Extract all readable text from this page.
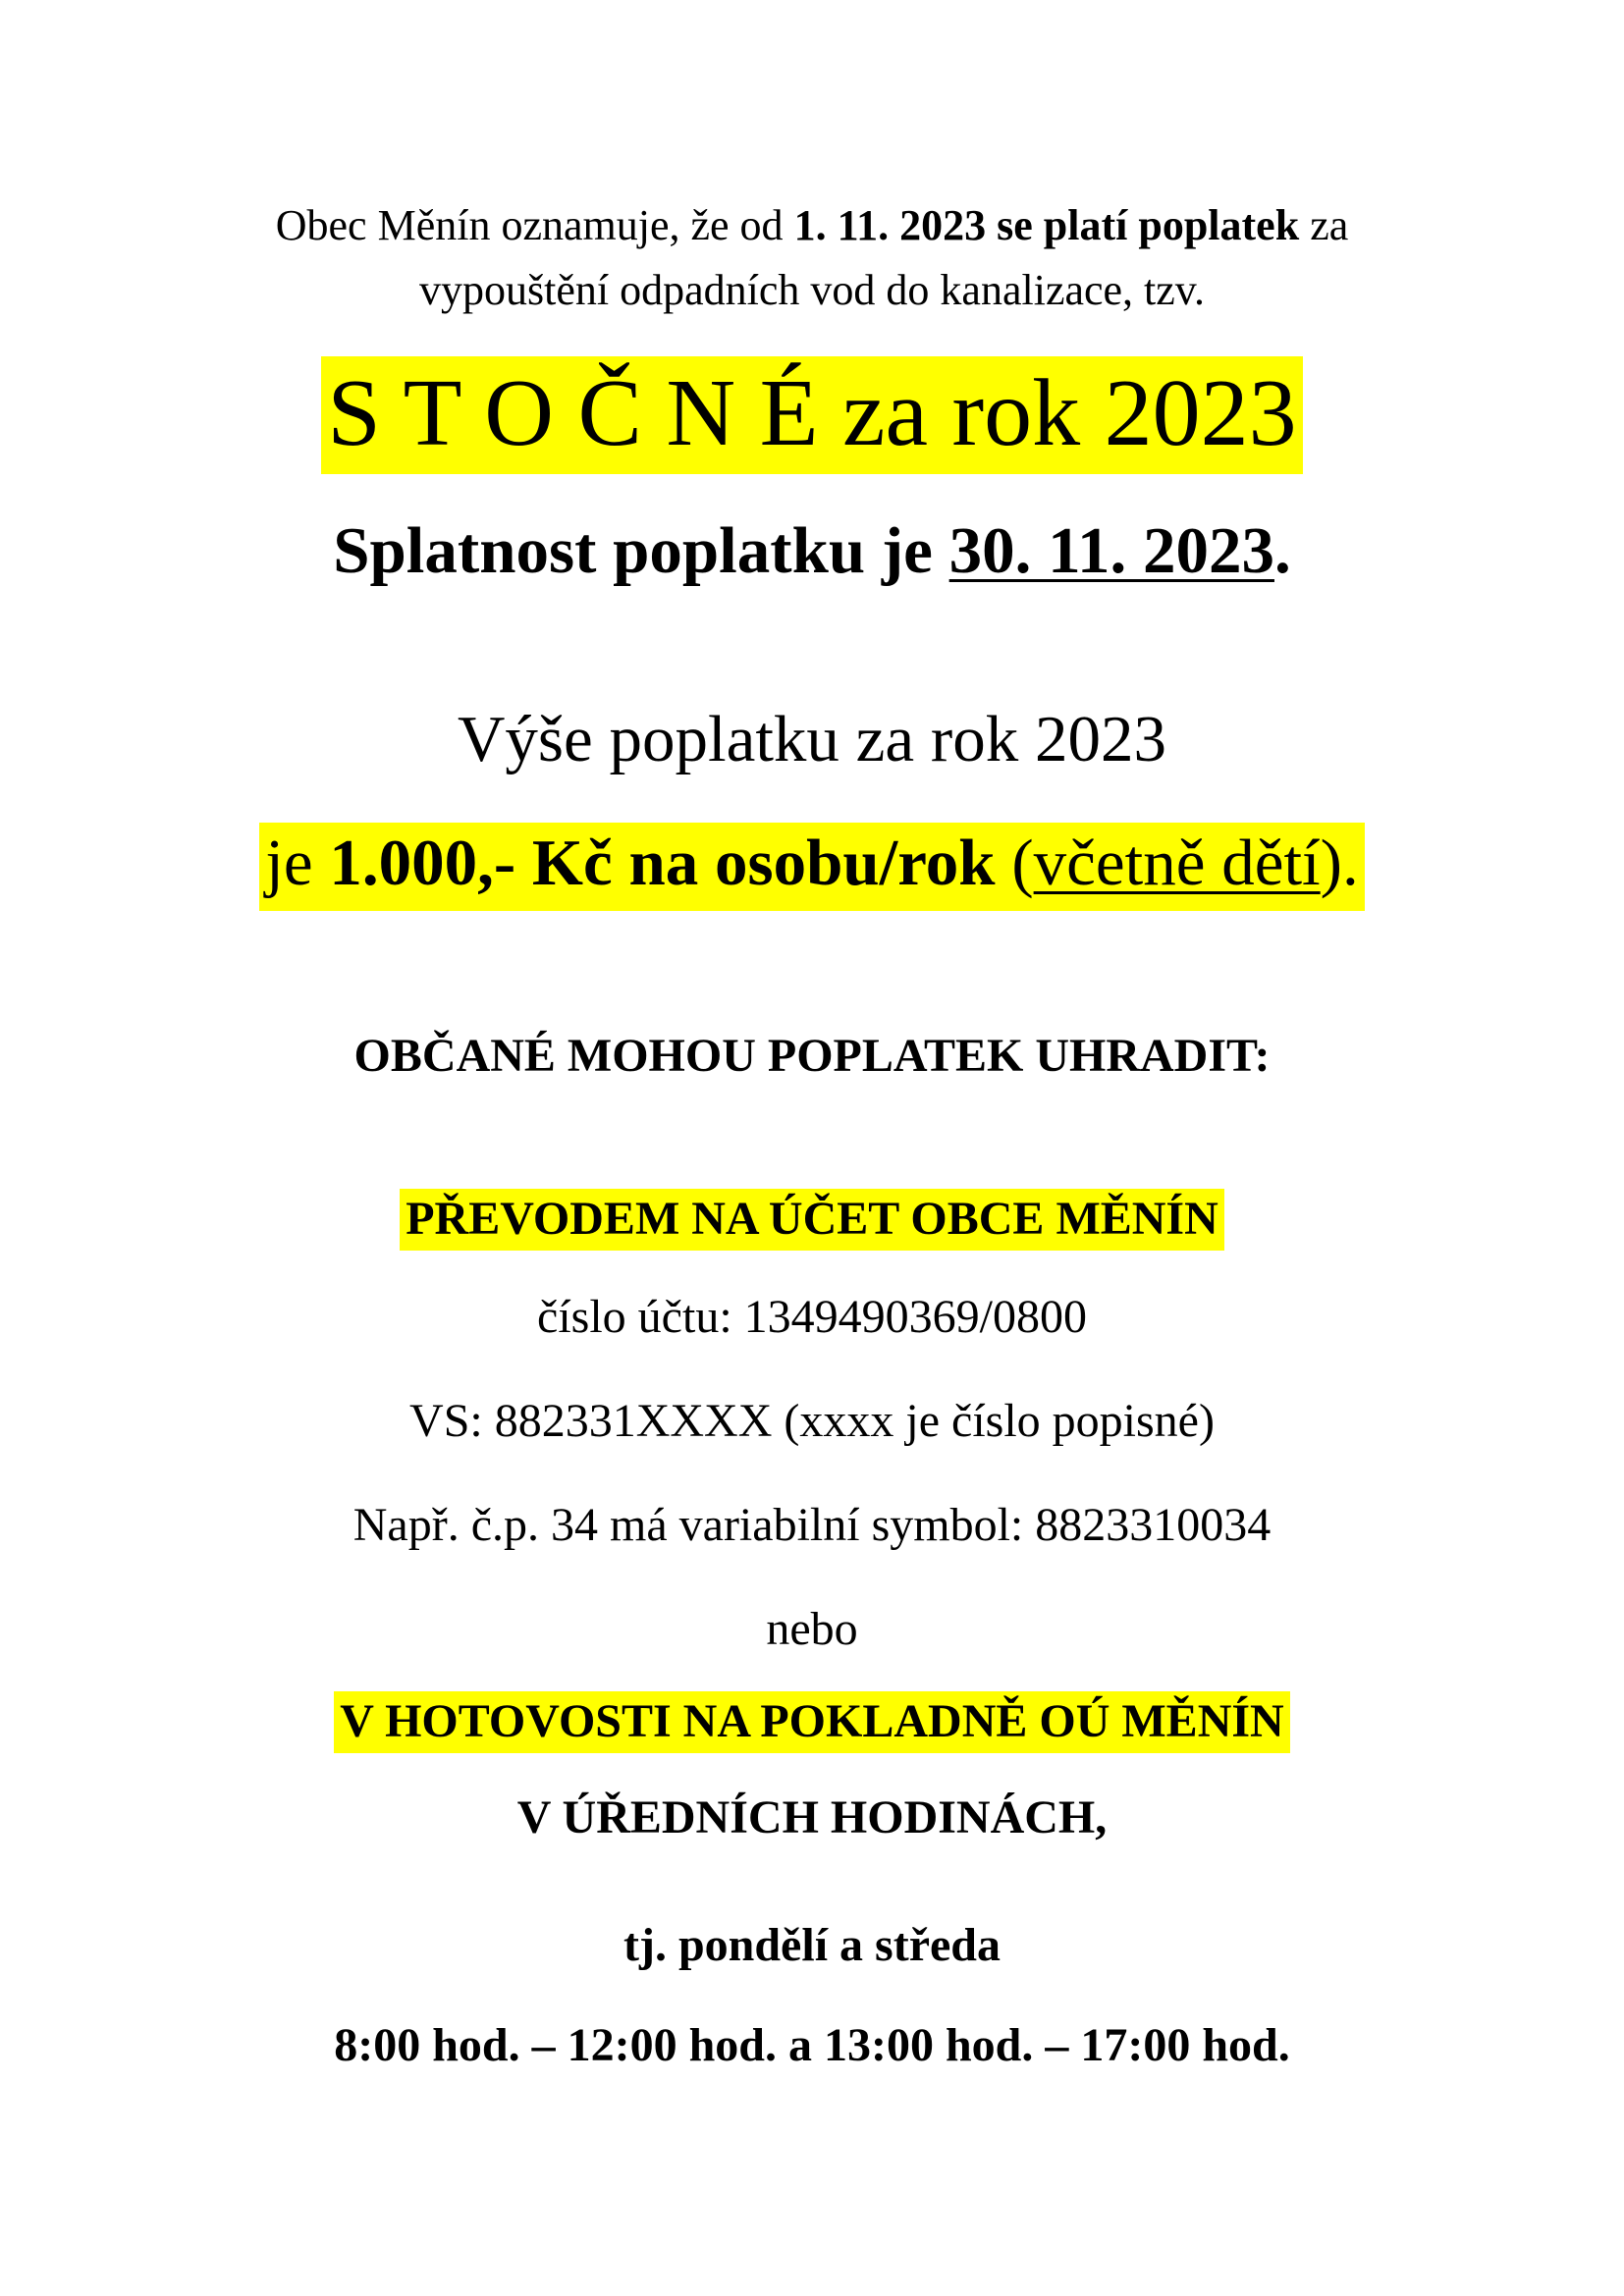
Obec Měnín oznamuje, že od 1. 11. 2023 se platí poplatek za
vypouštění odpadních vod do kanalizace, tzv.
S T O Č N É za rok 2023
Splatnost poplatku je 30. 11. 2023.
Výše poplatku za rok 2023
je 1.000,- Kč na osobu/rok (včetně dětí).
OBČANÉ MOHOU POPLATEK UHRADIT:
PŘEVODEM NA ÚČET OBCE MĚNÍN
číslo účtu: 1349490369/0800
VS: 882331XXXX (xxxx je číslo popisné)
Např. č.p. 34 má variabilní symbol: 8823310034
nebo
V HOTOVOSTI NA POKLADNĚ OÚ MĚNÍN
V ÚŘEDNÍCH HODINÁCH,
tj. pondělí a středa
8:00 hod. – 12:00 hod. a 13:00 hod. – 17:00 hod.
